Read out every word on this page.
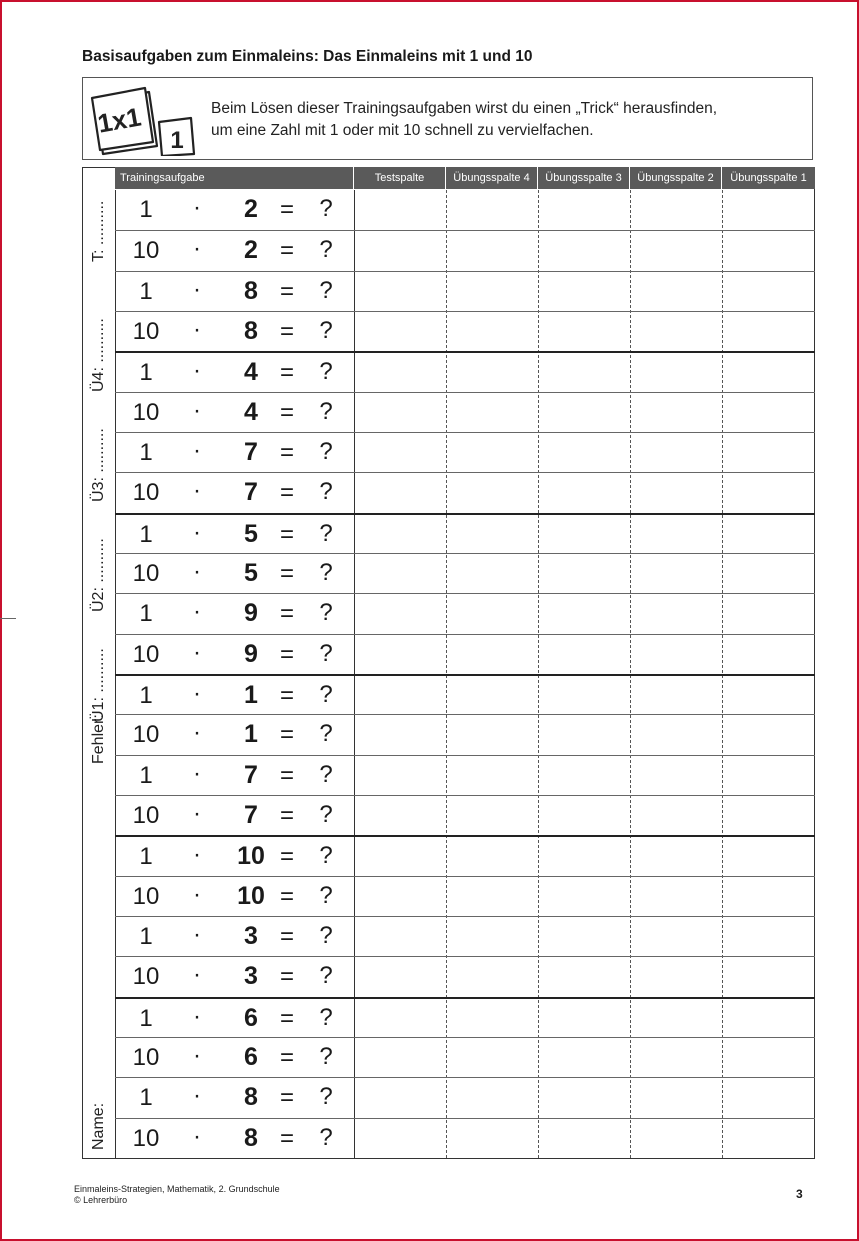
Basisaufgaben zum Einmaleins: Das Einmaleins mit 1 und 10
1x1
1
Beim Lösen dieser Trainingsaufgaben wirst du einen „Trick“ herausfinden,
um eine Zahl mit 1 oder mit 10 schnell zu vervielfachen.
Trainingsaufgabe	Testspalte	Übungsspalte 4	Übungsspalte 3	Übungsspalte 2	Übungsspalte 1
T: ..........
Ü4: ..........
Ü3: ..........
Ü2: ..........
Ü1: ..........
Fehler:
Name:
1	·	2 =	?
10	·	2 =	?
1	·	8 =	?
10	·	8 =	?
1	·	4 =	?
10	·	4 =	?
1	·	7 =	?
10	·	7 =	?
1	·	5 =	?
10	·	5 =	?
1	·	9 =	?
10	·	9 =	?
1	·	1 =	?
10	·	1 =	?
1	·	7 =	?
10	·	7 =	?
1	·	10 =	?
10	·	10 =	?
1	·	3 =	?
10	·	3 =	?
1	·	6 =	?
10	·	6 =	?
1	·	8 =	?
10	·	8 =	?
Einmaleins-Strategien, Mathematik, 2. Grundschule
© Lehrerbüro	3
